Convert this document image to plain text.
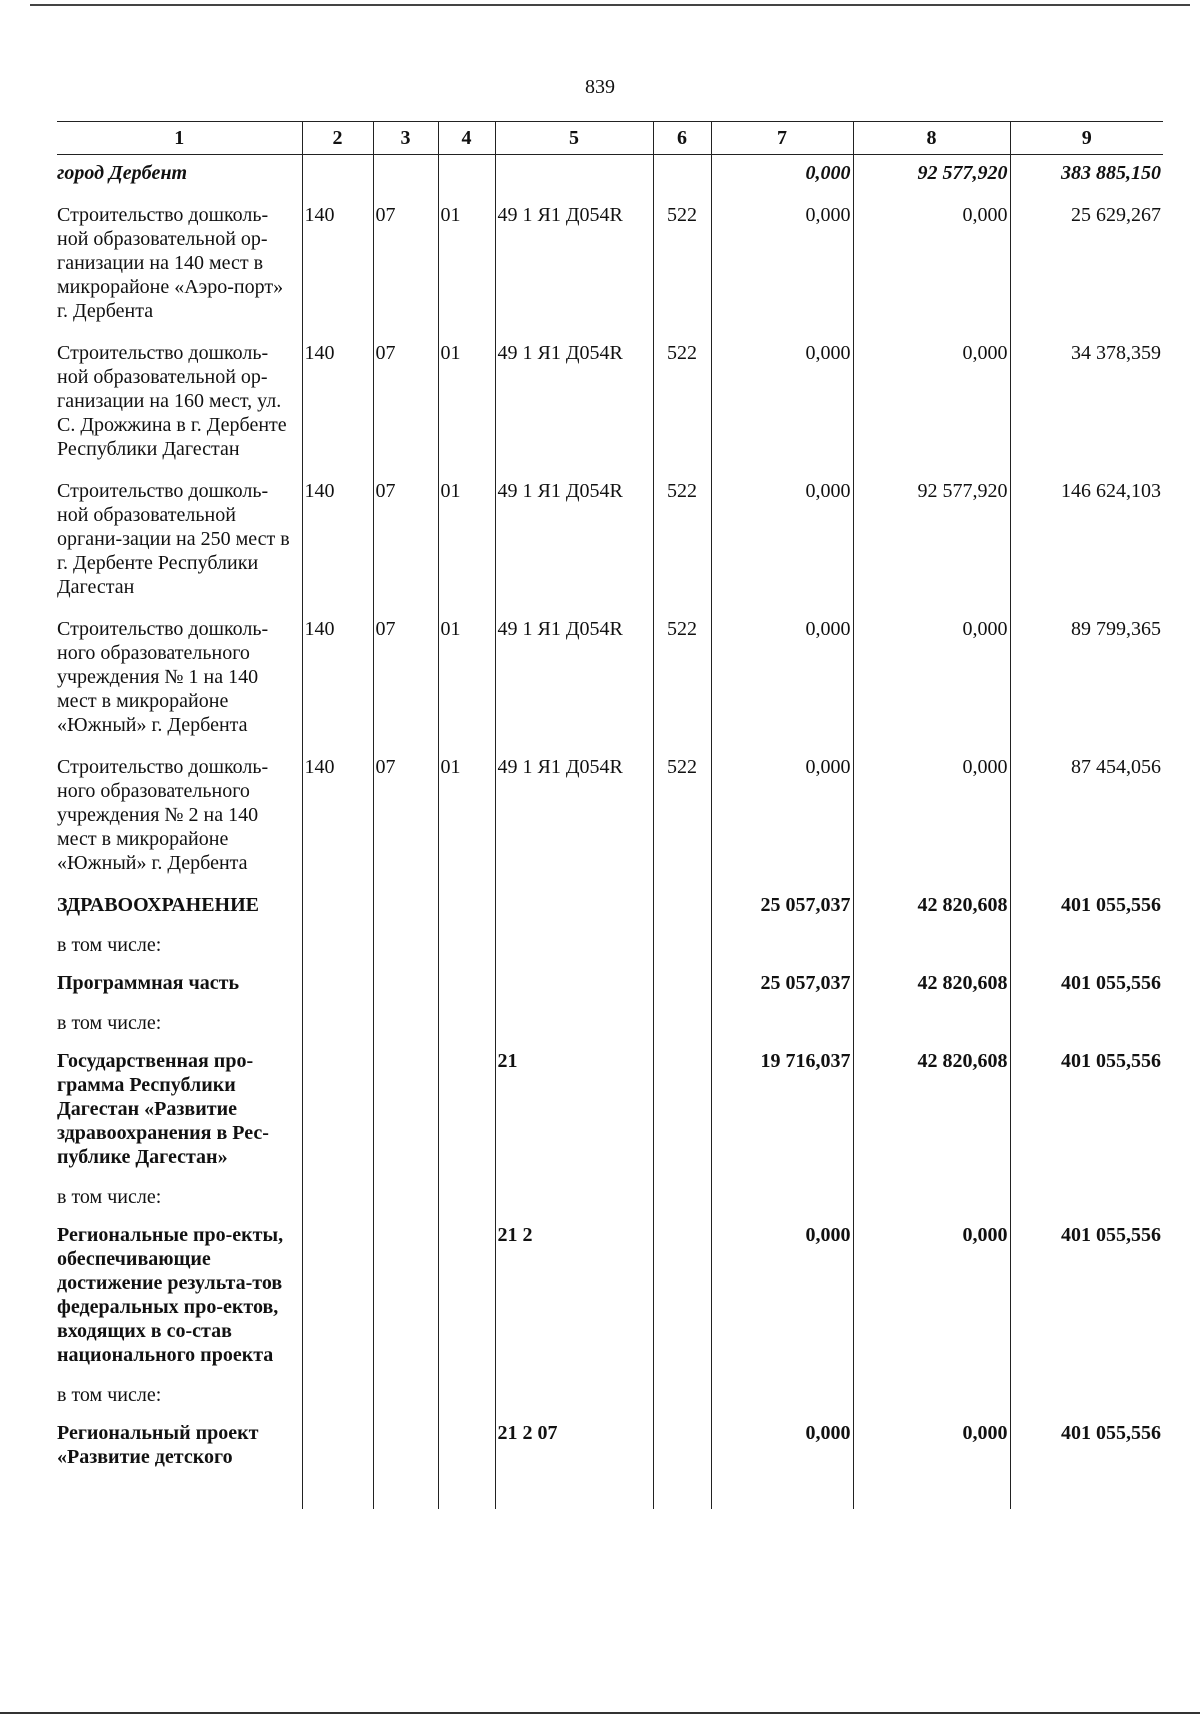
839
1	2	3	4	5	6	7	8	9
город Дербент						0,000	92 577,920	383 885,150
Строительство дошколь-ной образовательной ор-ганизации на 140 мест в микрорайоне «Аэро-порт» г. Дербента	140	07	01	49 1 Я1 Д054R	522	0,000	0,000	25 629,267
Строительство дошколь-ной образовательной ор-ганизации на 160 мест, ул. С. Дрожжина в г. Дербенте Республики Дагестан	140	07	01	49 1 Я1 Д054R	522	0,000	0,000	34 378,359
Строительство дошколь-ной образовательной органи-зации на 250 мест в г. Дербенте Республики Дагестан	140	07	01	49 1 Я1 Д054R	522	0,000	92 577,920	146 624,103
Строительство дошколь-ного образовательного учреждения № 1 на 140 мест в микрорайоне «Южный» г. Дербента	140	07	01	49 1 Я1 Д054R	522	0,000	0,000	89 799,365
Строительство дошколь-ного образовательного учреждения № 2 на 140 мест в микрорайоне «Южный» г. Дербента	140	07	01	49 1 Я1 Д054R	522	0,000	0,000	87 454,056
ЗДРАВООХРАНЕНИЕ						25 057,037	42 820,608	401 055,556
в том числе:								
Программная часть						25 057,037	42 820,608	401 055,556
в том числе:								
Государственная про-грамма Республики Дагестан «Развитие здравоохранения в Рес-публике Дагестан»				21		19 716,037	42 820,608	401 055,556
в том числе:								
Региональные про-екты, обеспечивающие достижение результа-тов федеральных про-ектов, входящих в со-став национального проекта				21 2		0,000	0,000	401 055,556
в том числе:								
Региональный проект «Развитие детского				21 2 07		0,000	0,000	401 055,556
